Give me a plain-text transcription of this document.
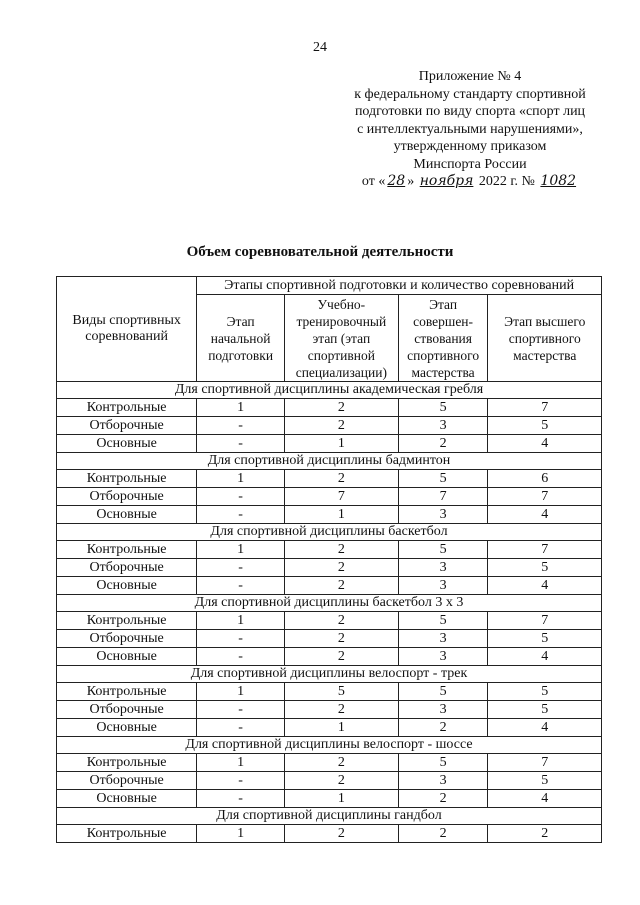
24
Приложение № 4
к федеральному стандарту спортивной
подготовки по виду спорта «спорт лиц
с интеллектуальными нарушениями»,
утвержденному приказом
Минспорта России
от « 28 » ноября 2022 г. № 1082
Объем соревновательной деятельности
Виды спортивных соревнований	Этапы спортивной подготовки и количество соревнований			
	Этап начальной подготовки	Учебно-тренировочный этап (этап спортивной специализации)	Этап совершен-ствования спортивного мастерства	Этап высшего спортивного мастерства
Для спортивной дисциплины академическая гребля				
Контрольные	1	2	5	7
Отборочные	-	2	3	5
Основные	-	1	2	4
Для спортивной дисциплины бадминтон				
Контрольные	1	2	5	6
Отборочные	-	7	7	7
Основные	-	1	3	4
Для спортивной дисциплины баскетбол				
Контрольные	1	2	5	7
Отборочные	-	2	3	5
Основные	-	2	3	4
Для спортивной дисциплины баскетбол 3 х 3				
Контрольные	1	2	5	7
Отборочные	-	2	3	5
Основные	-	2	3	4
Для спортивной дисциплины велоспорт - трек				
Контрольные	1	5	5	5
Отборочные	-	2	3	5
Основные	-	1	2	4
Для спортивной дисциплины велоспорт - шоссе				
Контрольные	1	2	5	7
Отборочные	-	2	3	5
Основные	-	1	2	4
Для спортивной дисциплины гандбол				
Контрольные	1	2	2	2
